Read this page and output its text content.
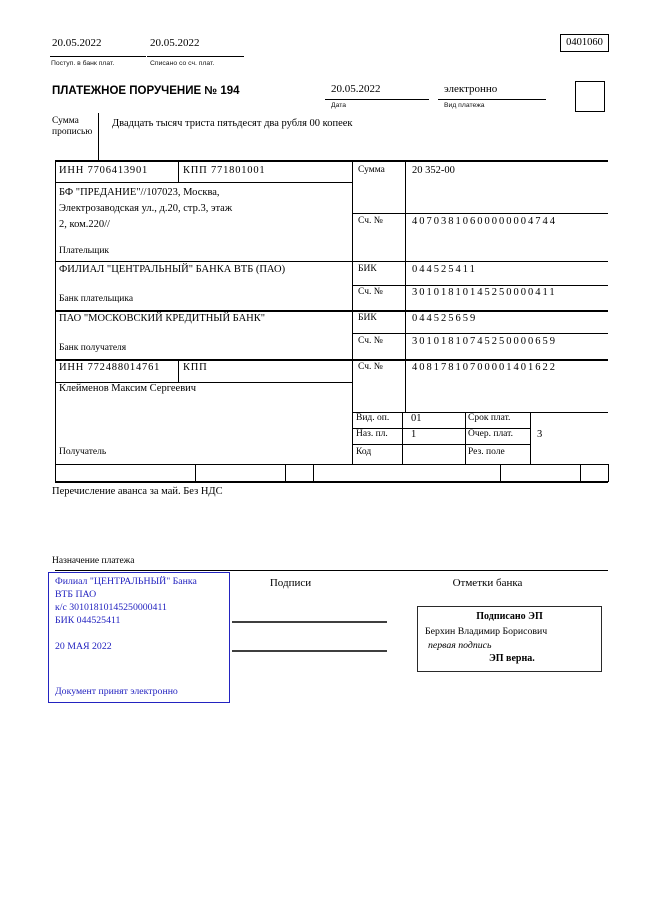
20.05.2022
Поступ. в банк плат.
20.05.2022
Списано со сч. плат.
0401060
ПЛАТЕЖНОЕ ПОРУЧЕНИЕ № 194	20.05.2022
Дата
электронно
Вид платежа
Сумма прописью
Двадцать тысяч триста пятьдесят два рубля 00 копеек
ИНН 7706413901	КПП 771801001	Сумма	20 352-00
БФ "ПРЕДАНИЕ"//107023, Москва,
Электрозаводская ул., д.20, стр.3, этаж
2, ком.220//	Сч. №	40703810600000004744
Плательщик
ФИЛИАЛ "ЦЕНТРАЛЬНЫЙ" БАНКА ВТБ (ПАО)	БИК	044525411
Сч. №	30101810145250000411
Банк плательщика
ПАО "МОСКОВСКИЙ КРЕДИТНЫЙ БАНК"	БИК	044525659
Сч. №	30101810745250000659
Банк получателя
ИНН 772488014761 КПП	Сч. №	40817810700001401622
Клейменов Максим Сергеевич
Получатель
Вид. оп. 01	Срок плат.
Наз. пл. 1	Очер. плат. 3
Код	Рез. поле
Перечисление аванса за май. Без НДС
Назначение платежа
Филиал "ЦЕНТРАЛЬНЫЙ" Банка
ВТБ ПАО
к/с 30101810145250000411
БИК 044525411
20 МАЯ 2022
Документ принят электронно
Подписи	Отметки банка
Подписано ЭП
Берхин Владимир Борисович
первая подпись
ЭП верна.
